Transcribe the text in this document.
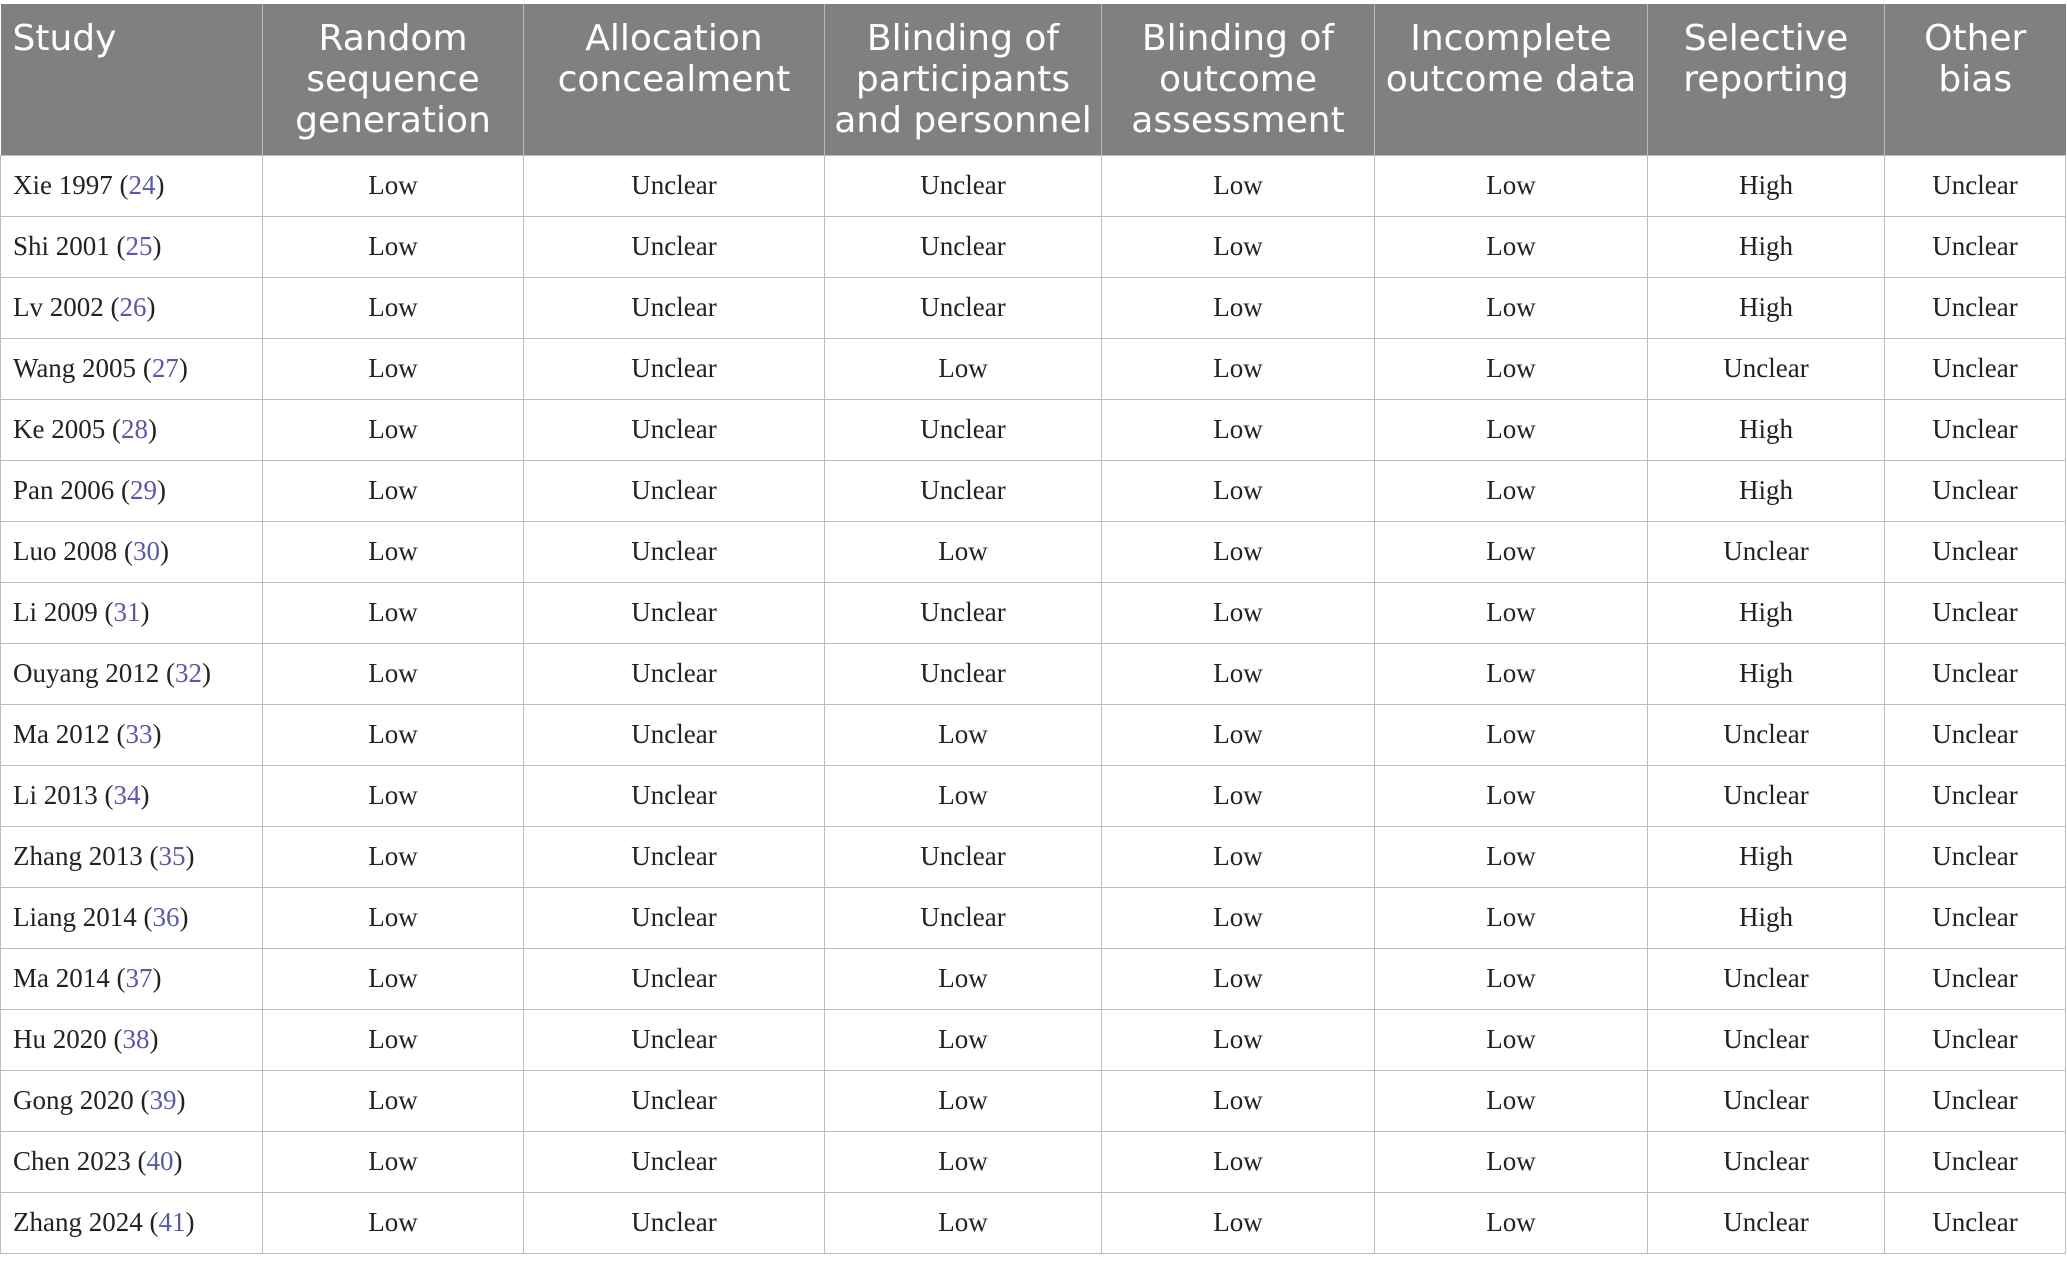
Study	Random sequence generation	Allocation concealment	Blinding of participants and personnel	Blinding of outcome assessment	Incomplete outcome data	Selective reporting	Other bias
Xie 1997 (24)	Low	Unclear	Unclear	Low	Low	High	Unclear
Shi 2001 (25)	Low	Unclear	Unclear	Low	Low	High	Unclear
Lv 2002 (26)	Low	Unclear	Unclear	Low	Low	High	Unclear
Wang 2005 (27)	Low	Unclear	Low	Low	Low	Unclear	Unclear
Ke 2005 (28)	Low	Unclear	Unclear	Low	Low	High	Unclear
Pan 2006 (29)	Low	Unclear	Unclear	Low	Low	High	Unclear
Luo 2008 (30)	Low	Unclear	Low	Low	Low	Unclear	Unclear
Li 2009 (31)	Low	Unclear	Unclear	Low	Low	High	Unclear
Ouyang 2012 (32)	Low	Unclear	Unclear	Low	Low	High	Unclear
Ma 2012 (33)	Low	Unclear	Low	Low	Low	Unclear	Unclear
Li 2013 (34)	Low	Unclear	Low	Low	Low	Unclear	Unclear
Zhang 2013 (35)	Low	Unclear	Unclear	Low	Low	High	Unclear
Liang 2014 (36)	Low	Unclear	Unclear	Low	Low	High	Unclear
Ma 2014 (37)	Low	Unclear	Low	Low	Low	Unclear	Unclear
Hu 2020 (38)	Low	Unclear	Low	Low	Low	Unclear	Unclear
Gong 2020 (39)	Low	Unclear	Low	Low	Low	Unclear	Unclear
Chen 2023 (40)	Low	Unclear	Low	Low	Low	Unclear	Unclear
Zhang 2024 (41)	Low	Unclear	Low	Low	Low	Unclear	Unclear
